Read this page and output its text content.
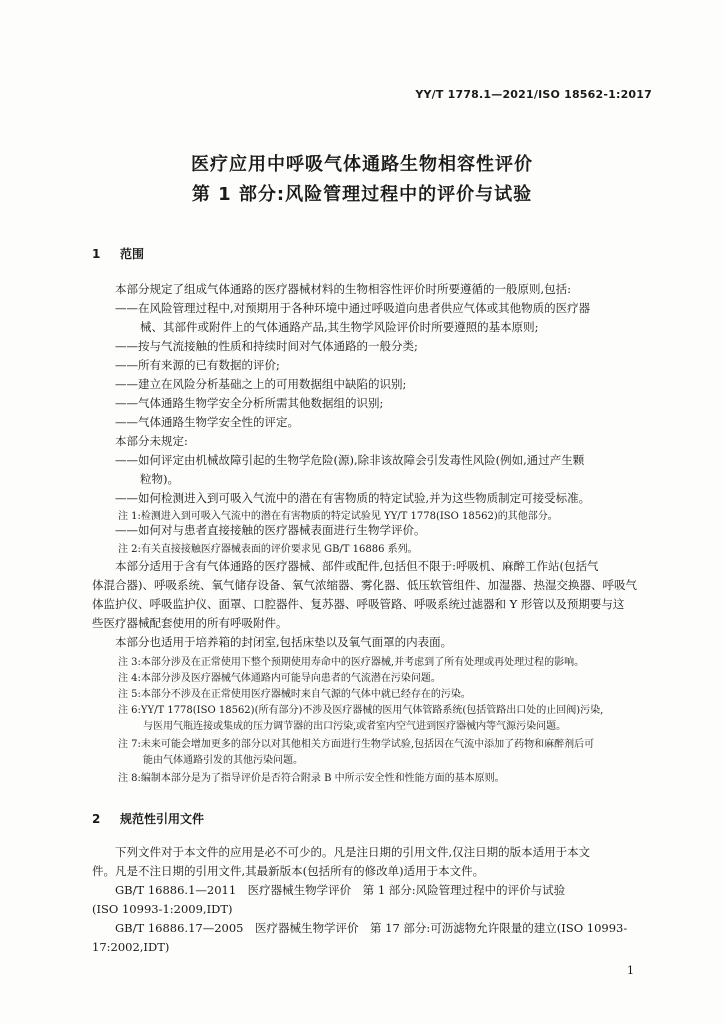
YY/T 1778.1—2021/ISO 18562-1:2017
医疗应用中呼吸气体通路生物相容性评价
第 1 部分:风险管理过程中的评价与试验
1 范围
本部分规定了组成气体通路的医疗器械材料的生物相容性评价时所要遵循的一般原则,包括:
——在风险管理过程中,对预期用于各种环境中通过呼吸道向患者供应气体或其他物质的医疗器
械、其部件或附件上的气体通路产品,其生物学风险评价时所要遵照的基本原则;
——按与气流接触的性质和持续时间对气体通路的一般分类;
——所有来源的已有数据的评价;
——建立在风险分析基础之上的可用数据组中缺陷的识别;
——气体通路生物学安全分析所需其他数据组的识别;
——气体通路生物学安全性的评定。
本部分未规定:
——如何评定由机械故障引起的生物学危险(源),除非该故障会引发毒性风险(例如,通过产生颗
粒物)。
——如何检测进入到可吸入气流中的潜在有害物质的特定试验,并为这些物质制定可接受标准。
注 1:检测进入到可吸入气流中的潜在有害物质的特定试验见 YY/T 1778(ISO 18562)的其他部分。
——如何对与患者直接接触的医疗器械表面进行生物学评价。
注 2:有关直接接触医疗器械表面的评价要求见 GB/T 16886 系列。
本部分适用于含有气体通路的医疗器械、部件或配件,包括但不限于:呼吸机、麻醉工作站(包括气
体混合器)、呼吸系统、氧气储存设备、氧气浓缩器、雾化器、低压软管组件、加湿器、热湿交换器、呼吸气
体监护仪、呼吸监护仪、面罩、口腔器件、复苏器、呼吸管路、呼吸系统过滤器和 Y 形管以及预期要与这
些医疗器械配套使用的所有呼吸附件。
本部分也适用于培养箱的封闭室,包括床垫以及氧气面罩的内表面。
注 3:本部分涉及在正常使用下整个预期使用寿命中的医疗器械,并考虑到了所有处理或再处理过程的影响。
注 4:本部分涉及医疗器械气体通路内可能导向患者的气流潜在污染问题。
注 5:本部分不涉及在正常使用医疗器械时来自气源的气体中就已经存在的污染。
注 6:YY/T 1778(ISO 18562)(所有部分)不涉及医疗器械的医用气体管路系统(包括管路出口处的止回阀)污染,
与医用气瓶连接或集成的压力调节器的出口污染,或者室内空气进到医疗器械内等气源污染问题。
注 7:未来可能会增加更多的部分以对其他相关方面进行生物学试验,包括因在气流中添加了药物和麻醉剂后可
能由气体通路引发的其他污染问题。
注 8:编制本部分是为了指导评价是否符合附录 B 中所示安全性和性能方面的基本原则。
2 规范性引用文件
下列文件对于本文件的应用是必不可少的。凡是注日期的引用文件,仅注日期的版本适用于本文
件。凡是不注日期的引用文件,其最新版本(包括所有的修改单)适用于本文件。
GB/T 16886.1—2011　医疗器械生物学评价　第 1 部分:风险管理过程中的评价与试验
(ISO 10993-1:2009,IDT)
GB/T 16886.17—2005　医疗器械生物学评价　第 17 部分:可沥滤物允许限量的建立(ISO 10993-
17:2002,IDT)
1
